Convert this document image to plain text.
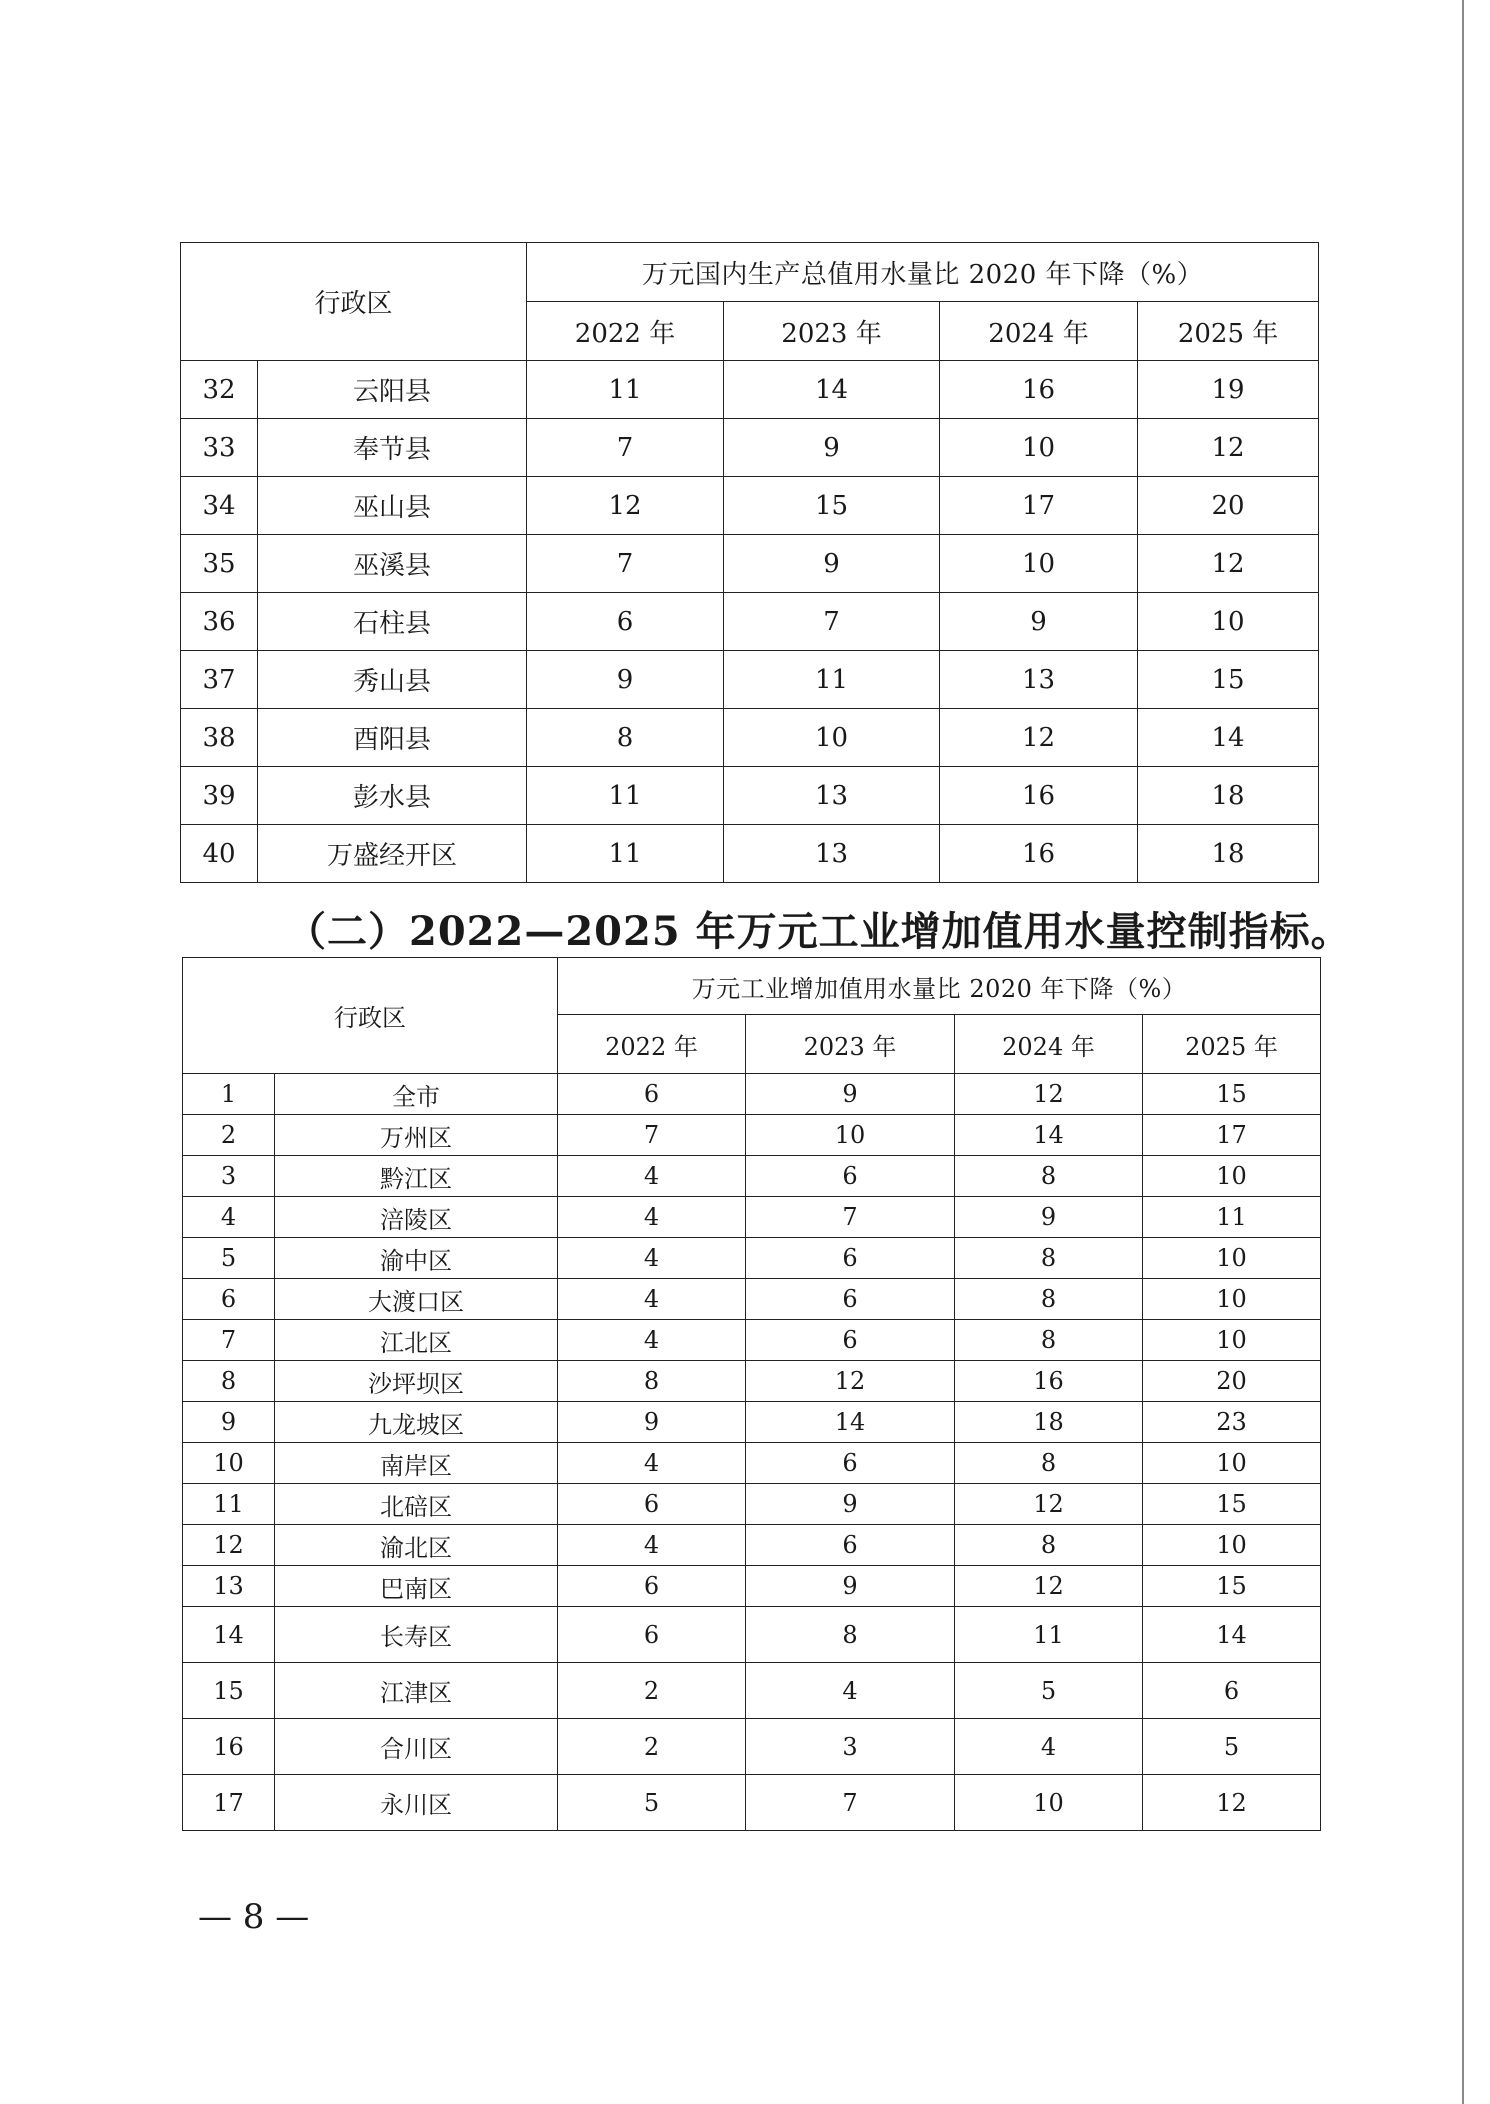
行政区		万元国内生产总值用水量比 2020 年下降（%）			
		2022 年	2023 年	2024 年	2025 年
32	云阳县	11	14	16	19
33	奉节县	7	9	10	12
34	巫山县	12	15	17	20
35	巫溪县	7	9	10	12
36	石柱县	6	7	9	10
37	秀山县	9	11	13	15
38	酉阳县	8	10	12	14
39	彭水县	11	13	16	18
40	万盛经开区	11	13	16	18
（二）2022—2025 年万元工业增加值用水量控制指标。
行政区		万元工业增加值用水量比 2020 年下降（%）			
		2022 年	2023 年	2024 年	2025 年
1	全市	6	9	12	15
2	万州区	7	10	14	17
3	黔江区	4	6	8	10
4	涪陵区	4	7	9	11
5	渝中区	4	6	8	10
6	大渡口区	4	6	8	10
7	江北区	4	6	8	10
8	沙坪坝区	8	12	16	20
9	九龙坡区	9	14	18	23
10	南岸区	4	6	8	10
11	北碚区	6	9	12	15
12	渝北区	4	6	8	10
13	巴南区	6	9	12	15
14	长寿区	6	8	11	14
15	江津区	2	4	5	6
16	合川区	2	3	4	5
17	永川区	5	7	10	12
— 8 —
